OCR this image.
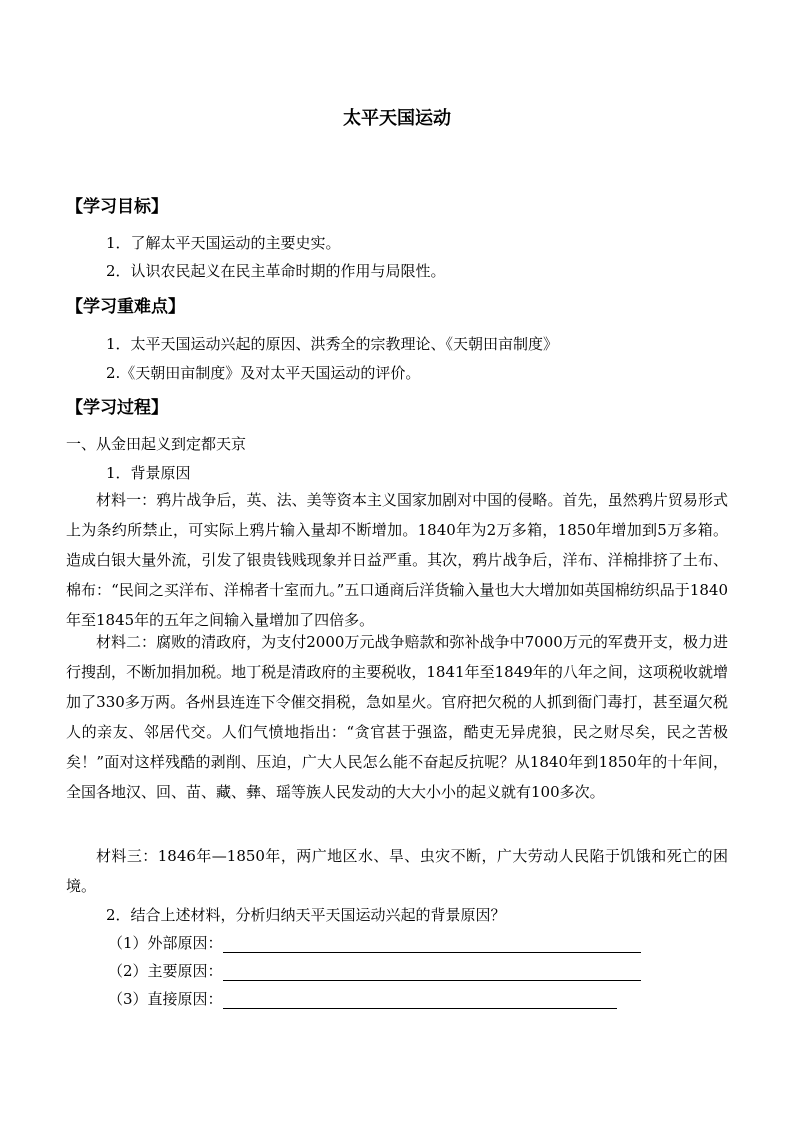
太平天国运动
【学习目标】
1．了解太平天国运动的主要史实。
2．认识农民起义在民主革命时期的作用与局限性。
【学习重难点】
1．太平天国运动兴起的原因、洪秀全的宗教理论、《天朝田亩制度》
2.《天朝田亩制度》及对太平天国运动的评价。
【学习过程】
一、从金田起义到定都天京
1．背景原因

材料一：鸦片战争后，英、法、美等资本主义国家加剧对中国的侵略。首先，虽然鸦片贸易形式上为条约所禁止，可实际上鸦片输入量却不断增加。1840年为2万多箱，1850年增加到5万多箱。造成白银大量外流，引发了银贵钱贱现象并日益严重。其次，鸦片战争后，洋布、洋棉排挤了土布、棉布：“民间之买洋布、洋棉者十室而九。”五口通商后洋货输入量也大大增加如英国棉纺织品于1840年至1845年的五年之间输入量增加了四倍多。

材料二：腐败的清政府，为支付2000万元战争赔款和弥补战争中7000万元的军费开支，极力进行搜刮，不断加捐加税。地丁税是清政府的主要税收，1841年至1849年的八年之间，这项税收就增加了330多万两。各州县连连下令催交捐税，急如星火。官府把欠税的人抓到衙门毒打，甚至逼欠税人的亲友、邻居代交。人们气愤地指出：“贪官甚于强盗，酷吏无异虎狼，民之财尽矣，民之苦极矣！”面对这样残酷的剥削、压迫，广大人民怎么能不奋起反抗呢？从1840年到1850年的十年间，全国各地汉、回、苗、藏、彝、瑶等族人民发动的大大小小的起义就有100多次。

材料三：1846年—1850年，两广地区水、旱、虫灾不断，广大劳动人民陷于饥饿和死亡的困境。

2．结合上述材料，分析归纳天平天国运动兴起的背景原因？
（1）外部原因：
（2）主要原因：
（3）直接原因：
